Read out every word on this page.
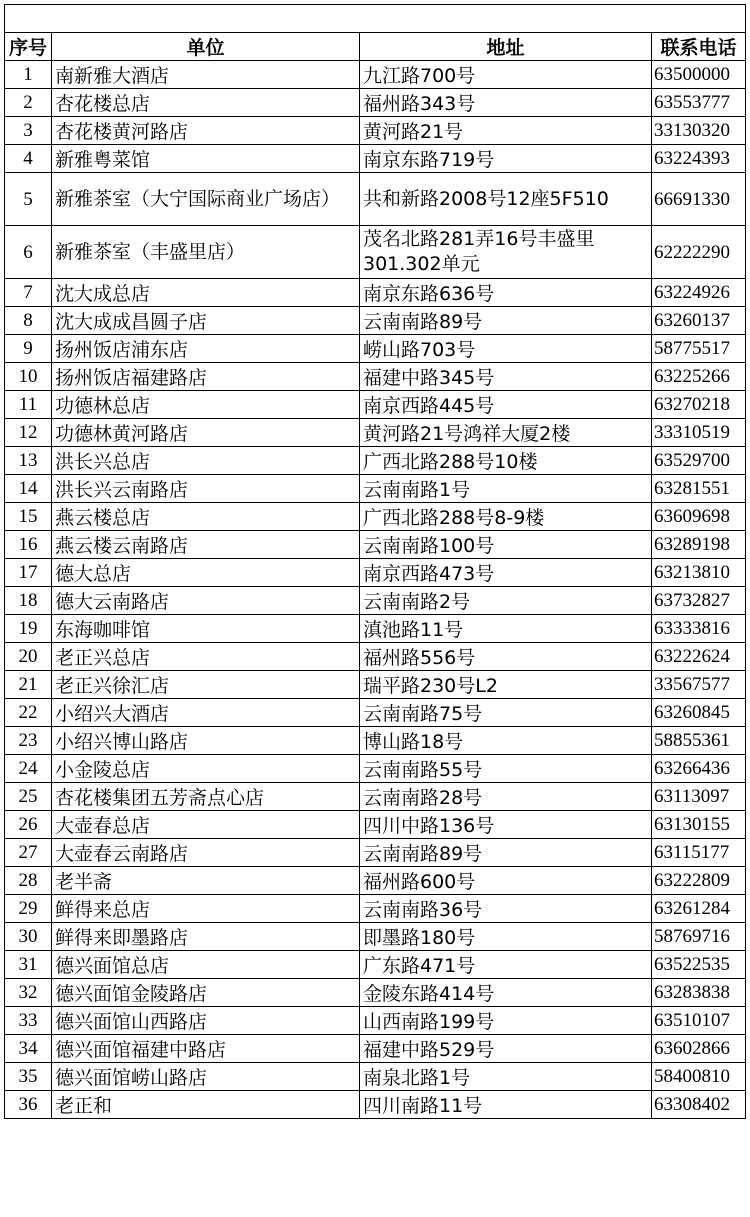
序号	单位	地址	联系电话
1	南新雅大酒店	九江路700号	63500000
2	杏花楼总店	福州路343号	63553777
3	杏花楼黄河路店	黄河路21号	33130320
4	新雅粤菜馆	南京东路719号	63224393
5	新雅茶室（大宁国际商业广场店）	共和新路2008号12座5F510	66691330
6	新雅茶室（丰盛里店）	茂名北路281弄16号丰盛里301.302单元	62222290
7	沈大成总店	南京东路636号	63224926
8	沈大成成昌圆子店	云南南路89号	63260137
9	扬州饭店浦东店	崂山路703号	58775517
10	扬州饭店福建路店	福建中路345号	63225266
11	功德林总店	南京西路445号	63270218
12	功德林黄河路店	黄河路21号鸿祥大厦2楼	33310519
13	洪长兴总店	广西北路288号10楼	63529700
14	洪长兴云南路店	云南南路1号	63281551
15	燕云楼总店	广西北路288号8-9楼	63609698
16	燕云楼云南路店	云南南路100号	63289198
17	德大总店	南京西路473号	63213810
18	德大云南路店	云南南路2号	63732827
19	东海咖啡馆	滇池路11号	63333816
20	老正兴总店	福州路556号	63222624
21	老正兴徐汇店	瑞平路230号L2	33567577
22	小绍兴大酒店	云南南路75号	63260845
23	小绍兴博山路店	博山路18号	58855361
24	小金陵总店	云南南路55号	63266436
25	杏花楼集团五芳斋点心店	云南南路28号	63113097
26	大壶春总店	四川中路136号	63130155
27	大壶春云南路店	云南南路89号	63115177
28	老半斋	福州路600号	63222809
29	鲜得来总店	云南南路36号	63261284
30	鲜得来即墨路店	即墨路180号	58769716
31	德兴面馆总店	广东路471号	63522535
32	德兴面馆金陵路店	金陵东路414号	63283838
33	德兴面馆山西路店	山西南路199号	63510107
34	德兴面馆福建中路店	福建中路529号	63602866
35	德兴面馆崂山路店	南泉北路1号	58400810
36	老正和	四川南路11号	63308402
